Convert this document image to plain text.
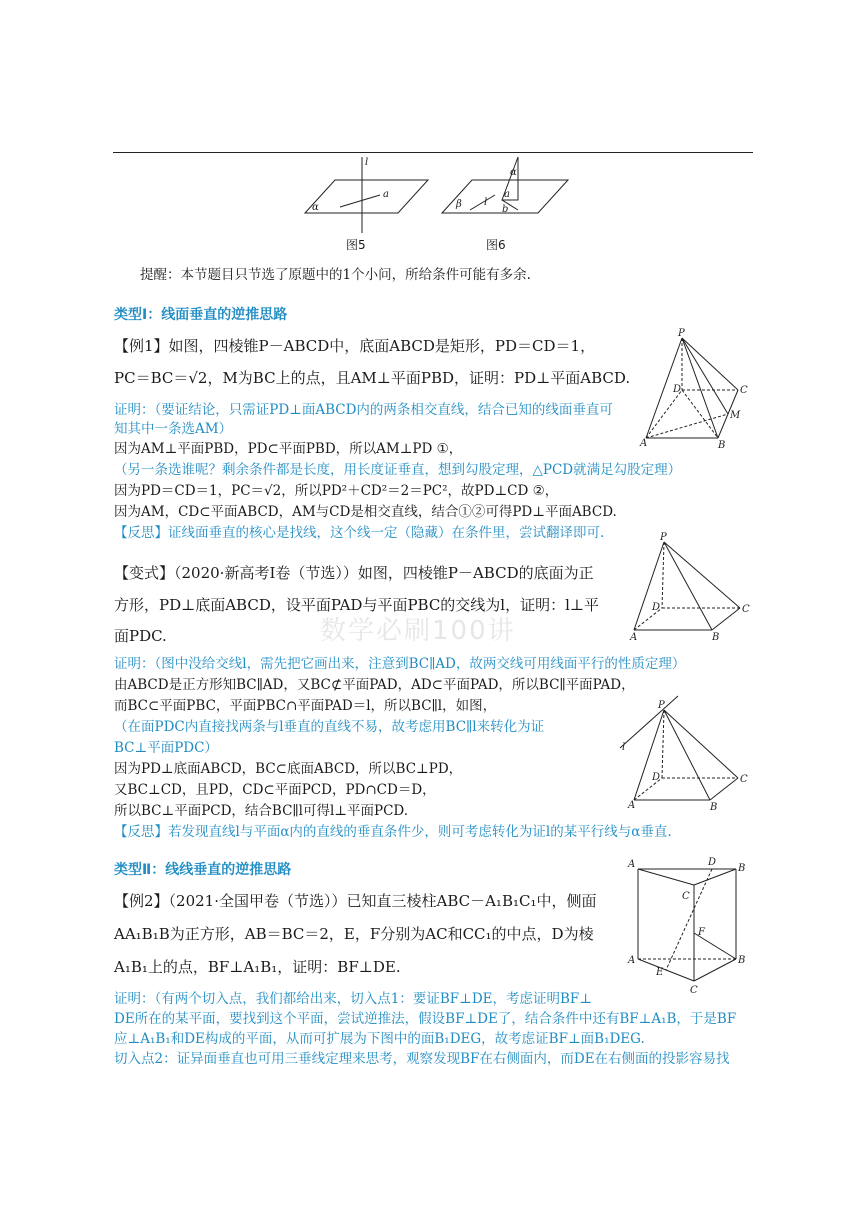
l
a
α
图5
α
a
β	b
l
图6
提醒：本节题目只节选了原题中的1个小问，所给条件可能有多余.
类型Ⅰ：线面垂直的逆推思路
【例1】如图，四棱锥P－ABCD中，底面ABCD是矩形，PD＝CD＝1，
PC＝BC＝√2，M为BC上的点，且AM⊥平面PBD，证明：PD⊥平面ABCD.
证明：（要证结论，只需证PD⊥面ABCD内的两条相交直线，结合已知的线面垂直可
知其中一条选AM）
因为AM⊥平面PBD，PD⊂平面PBD，所以AM⊥PD ①，
（另一条选谁呢？剩余条件都是长度，用长度证垂直，想到勾股定理，△PCD就满足勾股定理）
因为PD＝CD＝1，PC＝√2，所以PD²＋CD²＝2＝PC²，故PD⊥CD ②，
因为AM，CD⊂平面ABCD，AM与CD是相交直线，结合①②可得PD⊥平面ABCD.
【反思】证线面垂直的核心是找线，这个线一定（隐藏）在条件里，尝试翻译即可.
P
D	C
A	B
M
【变式】（2020·新高考Ⅰ卷（节选））如图，四棱锥P－ABCD的底面为正
方形，PD⊥底面ABCD，设平面PAD与平面PBC的交线为l，证明：l⊥平
面PDC.	数学必刷100讲
P
D	C
A	B
证明：（图中没给交线l，需先把它画出来，注意到BC∥AD，故两交线可用线面平行的性质定理）
由ABCD是正方形知BC∥AD，又BC⊄平面PAD，AD⊂平面PAD，所以BC∥平面PAD，
而BC⊂平面PBC，平面PBC∩平面PAD＝l，所以BC∥l，如图，
（在面PDC内直接找两条与l垂直的直线不易，故考虑用BC∥l来转化为证
BC⊥平面PDC）
因为PD⊥底面ABCD，BC⊂底面ABCD，所以BC⊥PD，
又BC⊥CD，且PD，CD⊂平面PCD，PD∩CD＝D，
所以BC⊥平面PCD，结合BC∥l可得l⊥平面PCD.
【反思】若发现直线l与平面α内的直线的垂直条件少，则可考虑转化为证l的某平行线与α垂直.
P
l
D	C
A	B
类型Ⅱ：线线垂直的逆推思路
【例2】（2021·全国甲卷（节选））已知直三棱柱ABC－A₁B₁C₁中，侧面
AA₁B₁B为正方形，AB＝BC＝2，E，F分别为AC和CC₁的中点，D为棱
A₁B₁上的点，BF⊥A₁B₁，证明：BF⊥DE.
A	D
B
C
F
A	B
E
C
证明：（有两个切入点，我们都给出来，切入点1：要证BF⊥DE，考虑证明BF⊥
DE所在的某平面，要找到这个平面，尝试逆推法，假设BF⊥DE了，结合条件中还有BF⊥A₁B，于是BF
应⊥A₁B₁和DE构成的平面，从而可扩展为下图中的面B₁DEG，故考虑证BF⊥面B₁DEG.
切入点2：证异面垂直也可用三垂线定理来思考，观察发现BF在右侧面内，而DE在右侧面的投影容易找
